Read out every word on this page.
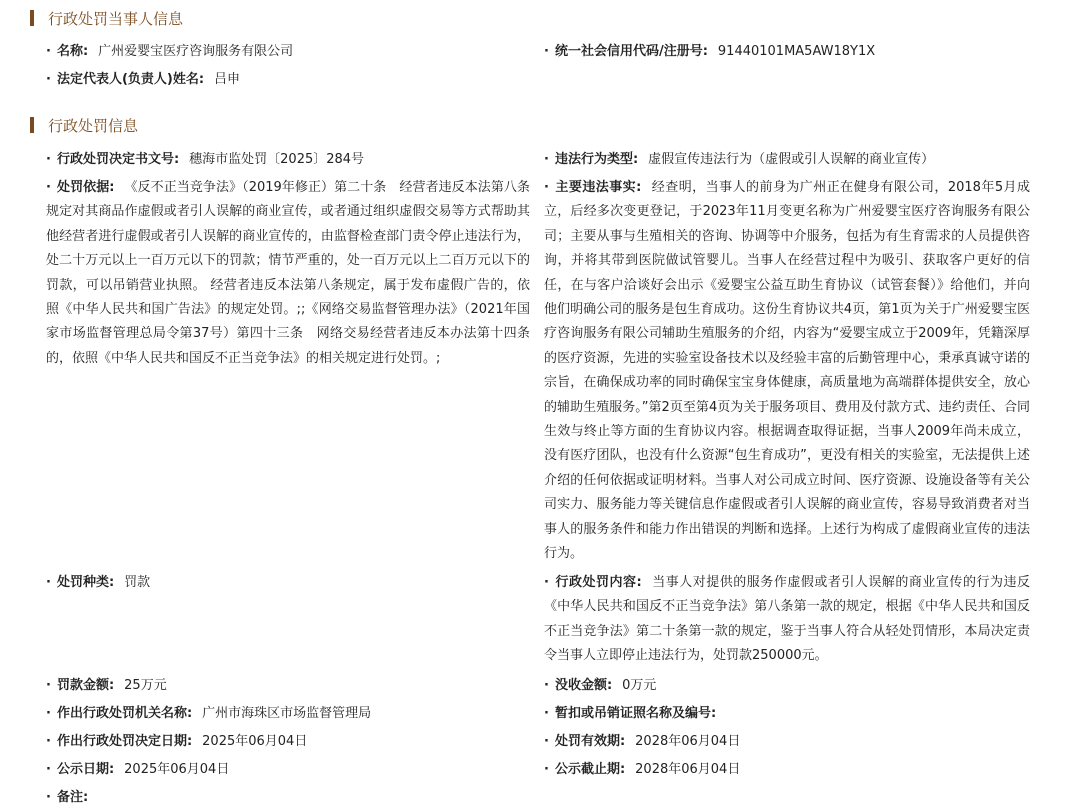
行政处罚当事人信息
· 名称: 广州爱婴宝医疗咨询服务有限公司	· 统一社会信用代码/注册号: 91440101MA5AW18Y1X
· 法定代表人(负责人)姓名: 吕申
行政处罚信息
· 行政处罚决定书文号: 穗海市监处罚〔2025〕284号	· 违法行为类型: 虚假宣传违法行为（虚假或引人误解的商业宣传）
· 处罚依据: 《反不正当竞争法》（2019年修正）第二十条　经营者违反本法第八条规定对其商品作虚假或者引人误解的商业宣传，或者通过组织虚假交易等方式帮助其他经营者进行虚假或者引人误解的商业宣传的，由监督检查部门责令停止违法行为，处二十万元以上一百万元以下的罚款；情节严重的，处一百万元以上二百万元以下的罚款，可以吊销营业执照。 经营者违反本法第八条规定，属于发布虚假广告的，依照《中华人民共和国广告法》的规定处罚。;;《网络交易监督管理办法》（2021年国家市场监督管理总局令第37号）第四十三条　网络交易经营者违反本办法第十四条的，依照《中华人民共和国反不正当竞争法》的相关规定进行处罚。;
· 主要违法事实: 经查明，当事人的前身为广州正在健身有限公司，2018年5月成立，后经多次变更登记，于2023年11月变更名称为广州爱婴宝医疗咨询服务有限公司；主要从事与生殖相关的咨询、协调等中介服务，包括为有生育需求的人员提供咨询，并将其带到医院做试管婴儿。当事人在经营过程中为吸引、获取客户更好的信任，在与客户洽谈好会出示《爱婴宝公益互助生育协议（试管套餐）》给他们，并向他们明确公司的服务是包生育成功。这份生育协议共4页，第1页为关于广州爱婴宝医疗咨询服务有限公司辅助生殖服务的介绍，内容为“爱婴宝成立于2009年，凭籍深厚的医疗资源，先进的实验室设备技术以及经验丰富的后勤管理中心，秉承真诚守诺的宗旨，在确保成功率的同时确保宝宝身体健康，高质量地为高端群体提供安全，放心的辅助生殖服务。”第2页至第4页为关于服务项目、费用及付款方式、违约责任、合同生效与终止等方面的生育协议内容。根据调查取得证据，当事人2009年尚未成立，没有医疗团队，也没有什么资源“包生育成功”，更没有相关的实验室，无法提供上述介绍的任何依据或证明材料。当事人对公司成立时间、医疗资源、设施设备等有关公司实力、服务能力等关键信息作虚假或者引人误解的商业宣传，容易导致消费者对当事人的服务条件和能力作出错误的判断和选择。上述行为构成了虚假商业宣传的违法行为。
· 处罚种类: 罚款	· 行政处罚内容: 当事人对提供的服务作虚假或者引人误解的商业宣传的行为违反《中华人民共和国反不正当竞争法》第八条第一款的规定，根据《中华人民共和国反不正当竞争法》第二十条第一款的规定，鉴于当事人符合从轻处罚情形，本局决定责令当事人立即停止违法行为，处罚款250000元。
· 罚款金额: 25万元	· 没收金额: 0万元
· 作出行政处罚机关名称: 广州市海珠区市场监督管理局	· 暂扣或吊销证照名称及编号:
· 作出行政处罚决定日期: 2025年06月04日	· 处罚有效期: 2028年06月04日
· 公示日期: 2025年06月04日	· 公示截止期: 2028年06月04日
· 备注:
